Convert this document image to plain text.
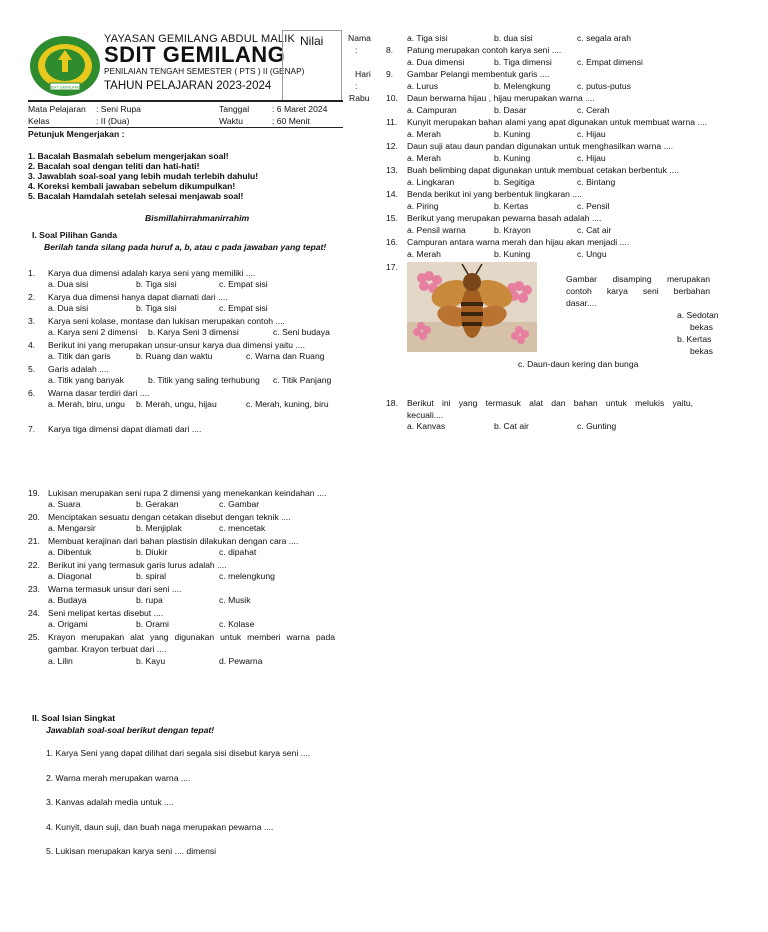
SDIT GEMILANG
YAYASAN GEMILANG ABDUL MALIK
SDIT GEMILANG
PENILAIAN TENGAH SEMESTER ( PTS ) II (GENAP)
TAHUN PELAJARAN 2023-2024
Nilai	Nama
:
Hari
:
Rabu
Mata Pelajaran : Seni Rupa	Tanggal	: 6 Maret 2024
Kelas	: II (Dua)	Waktu	: 60 Menit
Petunjuk Mengerjakan :
1. Bacalah Basmalah sebelum mengerjakan soal!
2. Bacalah soal dengan teliti dan hati-hati!
3. Jawablah soal-soal yang lebih mudah terlebih dahulu!
4. Koreksi kembali jawaban sebelum dikumpulkan!
5. Bacalah Hamdalah setelah selesai menjawab soal!
Bismillahirrahmanirrahim
I. Soal Pilihan Ganda
Berilah tanda silang pada huruf a, b, atau c pada jawaban yang tepat!
1. Karya dua dimensi adalah karya seni yang memiliki ....
a. Dua sisi	b. Tiga sisi	c. Empat sisi
2. Karya dua dimensi hanya dapat diamati dari ....
a. Dua sisi	b. Tiga sisi	c. Empat sisi
3. Karya seni kolase, montase dan lukisan merupakan contoh ....
a. Karya seni 2 dimensi b. Karya Seni 3 dimensi	c. Seni budaya
4. Berikut ini yang merupakan unsur-unsur karya dua dimensi yaitu ....
a. Titik dan garis	b. Ruang dan waktu	c. Warna dan Ruang
5. Garis adalah ....
a. Titik yang banyak	b. Titik yang saling terhubung c. Titik Panjang
6. Warna dasar terdiri dari ....
a. Merah, biru, ungu b. Merah, ungu, hijau	c. Merah, kuning, biru
7. Karya tiga dimensi dapat diamati dari ....
a. Tiga sisi	b. dua sisi	c. segala arah
8. Patung merupakan contoh karya seni ....
a. Dua dimensi	b. Tiga dimensi	c. Empat dimensi
9. Gambar Pelangi membentuk garis ....
a. Lurus	b. Melengkung	c. putus-putus
10. Daun berwarna hijau , hijau merupakan warna ....
a. Campuran	b. Dasar	c. Cerah
11. Kunyit merupakan bahan alami yang apat digunakan untuk membuat warna ....
a. Merah	b. Kuning	c. Hijau
12. Daun suji atau daun pandan digunakan untuk menghasilkan warna ....
a. Merah	b. Kuning	c. Hijau
13. Buah belimbing dapat digunakan untuk membuat cetakan berbentuk ....
a. Lingkaran	b. Segitiga	c. Bintang
14. Benda berikut ini yang berbentuk lingkaran ....
a. Piring	b. Kertas	c. Pensil
15. Berikut yang merupakan pewarna basah adalah ....
a. Pensil warna	b. Krayon	c. Cat air
16. Campuran antara warna merah dan hijau akan menjadi ....
a. Merah	b. Kuning	c. Ungu
17.
Gambar disamping merupakan
contoh karya seni berbahan
dasar....
a. Sedotan
bekas
b. Kertas
bekas
c. Daun-daun kering dan bunga
18. Berikut ini yang termasuk alat dan bahan untuk melukis yaitu,
kecuali....
a. Kanvas	b. Cat air	c. Gunting
19. Lukisan merupakan seni rupa 2 dimensi yang menekankan keindahan ....
a. Suara	b. Gerakan	c. Gambar
20. Menciptakan sesuatu dengan cetakan disebut dengan teknik ....
a. Mengarsir	b. Menjiplak	c. mencetak
21. Membuat kerajinan dari bahan plastisin dilakukan dengan cara ....
a. Dibentuk	b. Diukir	c. dipahat
22. Berikut ini yang termasuk garis lurus adalah ....
a. Diagonal	b. spiral	c. melengkung
23. Warna termasuk unsur dari seni ....
a. Budaya	b. rupa	c. Musik
24. Seni melipat kertas disebut ....
a. Origami	b. Orami	c. Kolase
25. Krayon merupakan alat yang digunakan untuk memberi warna pada
gambar. Krayon terbuat dari ....
a. Lilin	b. Kayu	d. Pewarna
II. Soal Isian Singkat
Jawablah soal-soal berikut dengan tepat!
1. Karya Seni yang dapat dilihat dari segala sisi disebut karya seni ....
2. Warna merah merupakan warna ....
3. Kanvas adalah media untuk ....
4. Kunyit, daun suji, dan buah naga merupakan pewarna ....
5. Lukisan merupakan karya seni .... dimensi
